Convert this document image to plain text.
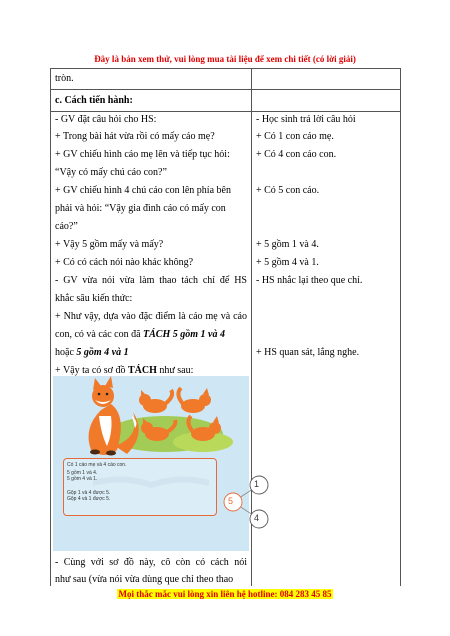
Đây là bản xem thử, vui lòng mua tài liệu để xem chi tiết (có lời giải)
tròn.
c. Cách tiến hành:
- GV đặt câu hỏi cho HS:
+ Trong bài hát vừa rồi có mấy cáo mẹ?
+ GV chiếu hình cáo mẹ lên và tiếp tục hỏi:
“Vậy có mấy chú cáo con?”
+ GV chiếu hình 4 chú cáo con lên phía bên
phải và hỏi: “Vậy gia đình cáo có mấy con
cáo?”
+ Vậy 5 gồm mấy và mấy?
+ Có có cách nói nào khác không?
- GV vừa nói vừa làm thao tách chỉ để HS
khắc sâu kiến thức:
+ Như vậy, dựa vào đặc điểm là cáo mẹ và cáo
con, có và các con đã TÁCH 5 gồm 1 và 4
hoặc 5 gồm 4 và 1
+ Vậy ta có sơ đồ TÁCH như sau:
Có 1 cáo mẹ và 4 cáo con.
5 gồm 1 và 4.
5 gồm 4 và 1.
Gộp 1 và 4 được 5.
Gộp 4 và 1 được 5.	5
1
4
- Cùng với sơ đồ này, cô còn có cách nói
như sau (vừa nói vừa dùng que chỉ theo thao
- Học sinh trả lời câu hỏi
+ Có 1 con cáo mẹ.
+ Có 4 con cáo con.
+ Có 5 con cáo.
+ 5 gồm 1 và 4.
+ 5 gồm 4 và 1.
- HS nhắc lại theo que chỉ.
+ HS quan sát, lắng nghe.
Mọi thắc mắc vui lòng xin liên hệ hotline: 084 283 45 85
